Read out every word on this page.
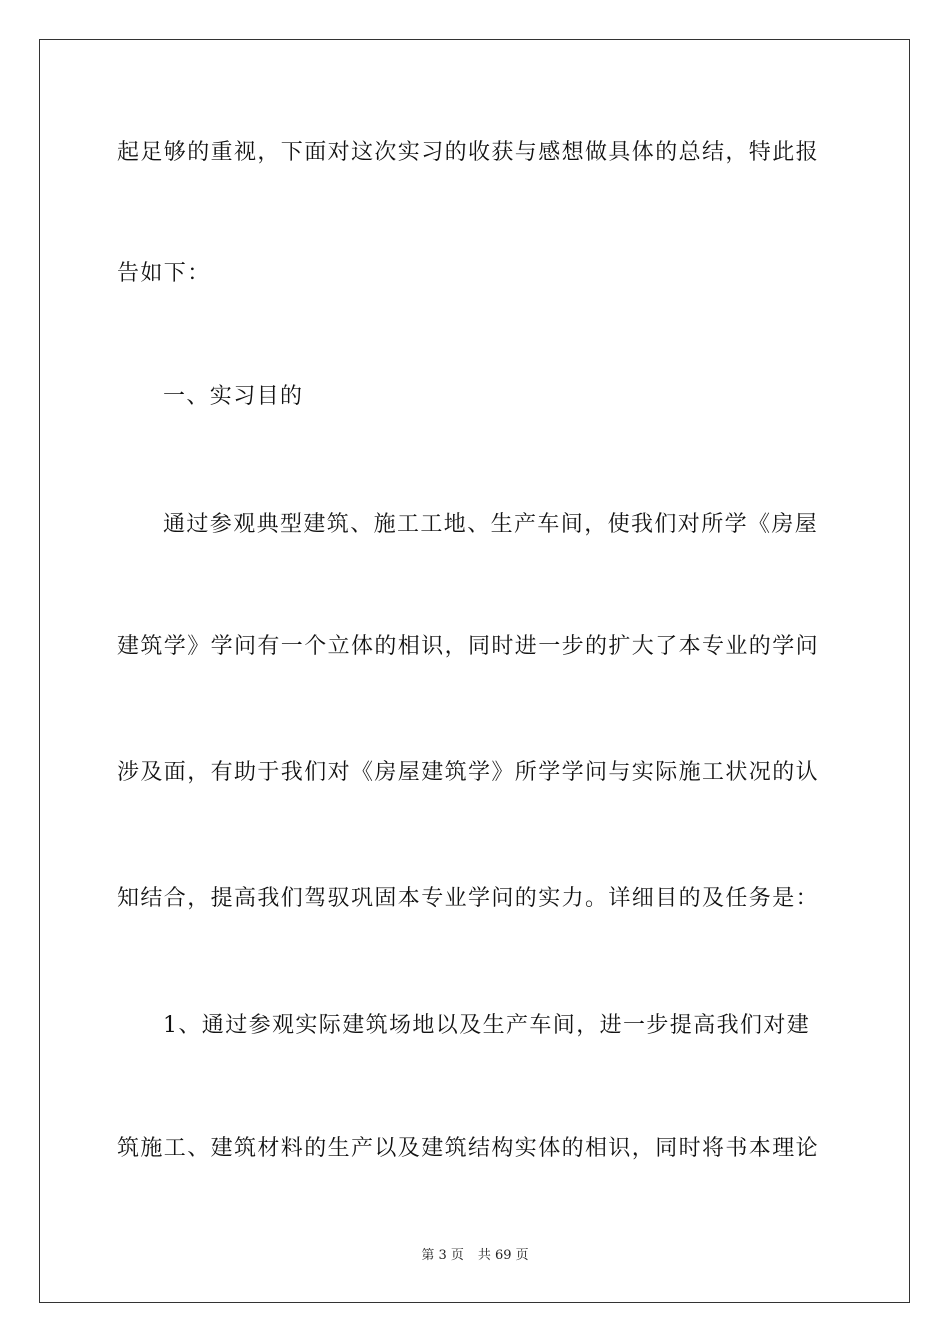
起足够的重视，下面对这次实习的收获与感想做具体的总结，特此报
告如下：
一、实习目的
通过参观典型建筑、施工工地、生产车间，使我们对所学《房屋
建筑学》学问有一个立体的相识，同时进一步的扩大了本专业的学问
涉及面，有助于我们对《房屋建筑学》所学学问与实际施工状况的认
知结合，提高我们驾驭巩固本专业学问的实力。详细目的及任务是：
1、通过参观实际建筑场地以及生产车间，进一步提高我们对建
筑施工、建筑材料的生产以及建筑结构实体的相识，同时将书本理论
第 3 页 共 69 页
